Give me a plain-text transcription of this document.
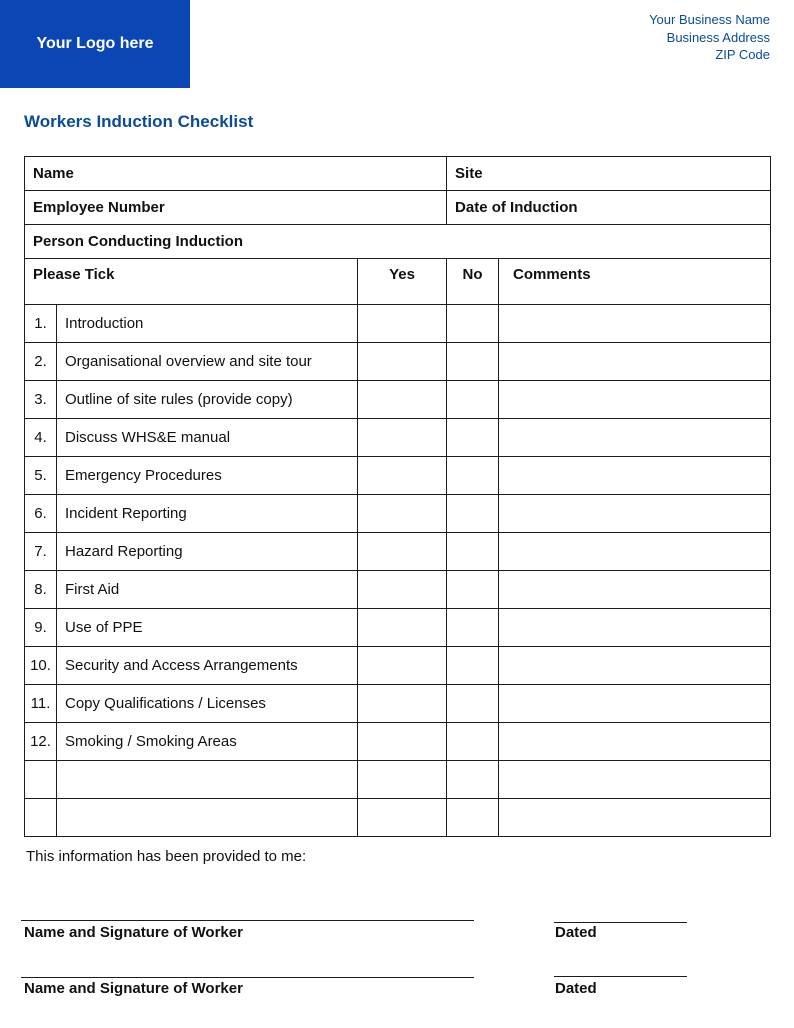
Your Logo here
Your Business Name
Business Address
ZIP Code
Workers Induction Checklist
Name			Site	
Employee Number			Date of Induction	
Person Conducting Induction				
Please Tick		Yes	No	Comments
1.	Introduction			
2.	Organisational overview and site tour			
3.	Outline of site rules (provide copy)			
4.	Discuss WHS&E manual			
5.	Emergency Procedures			
6.	Incident Reporting			
7.	Hazard Reporting			
8.	First Aid			
9.	Use of PPE			
10.	Security and Access Arrangements			
11.	Copy Qualifications / Licenses			
12.	Smoking / Smoking Areas			

This information has been provided to me:
Name and Signature of Worker	Dated
Name and Signature of Worker	Dated
